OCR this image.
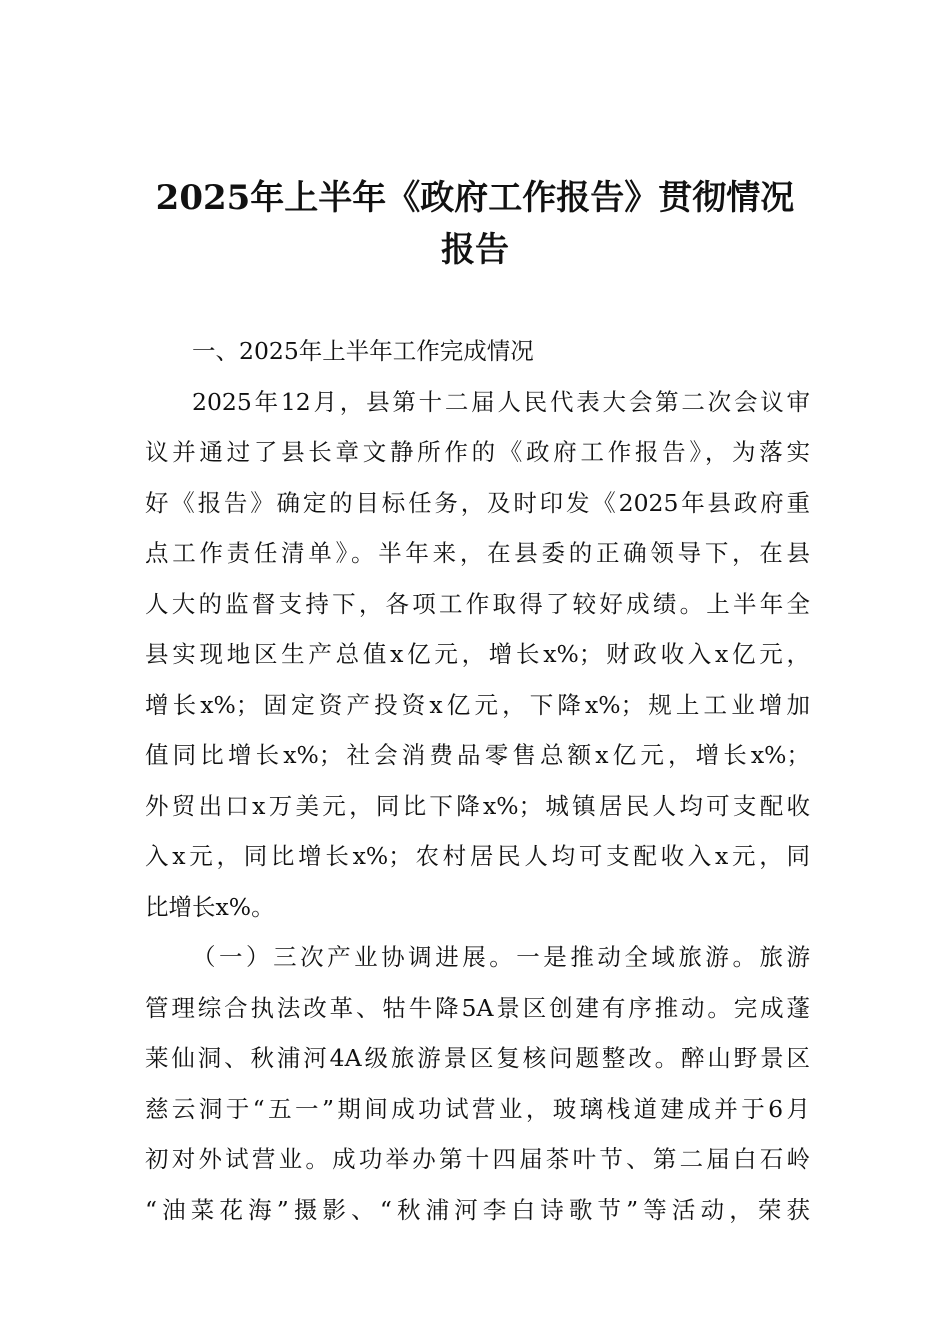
2025年上半年《政府工作报告》贯彻情况
报告
一、2025年上半年工作完成情况
2025年12月，县第十二届人民代表大会第二次会议审
议并通过了县长章文静所作的《政府工作报告》，为落实
好《报告》确定的目标任务，及时印发《2025年县政府重
点工作责任清单》。半年来，在县委的正确领导下，在县
人大的监督支持下，各项工作取得了较好成绩。上半年全
县实现地区生产总值x亿元，增长x%；财政收入x亿元，
增长x%；固定资产投资x亿元，下降x%；规上工业增加
值同比增长x%；社会消费品零售总额x亿元，增长x%；
外贸出口x万美元，同比下降x%；城镇居民人均可支配收
入x元，同比增长x%；农村居民人均可支配收入x元，同
比增长x%。
（一）三次产业协调进展。一是推动全域旅游。旅游
管理综合执法改革、牯牛降5A景区创建有序推动。完成蓬
莱仙洞、秋浦河4A级旅游景区复核问题整改。醉山野景区
慈云洞于“五一”期间成功试营业，玻璃栈道建成并于6月
初对外试营业。成功举办第十四届茶叶节、第二届白石岭
“油菜花海”摄影、“秋浦河李白诗歌节”等活动，荣获
